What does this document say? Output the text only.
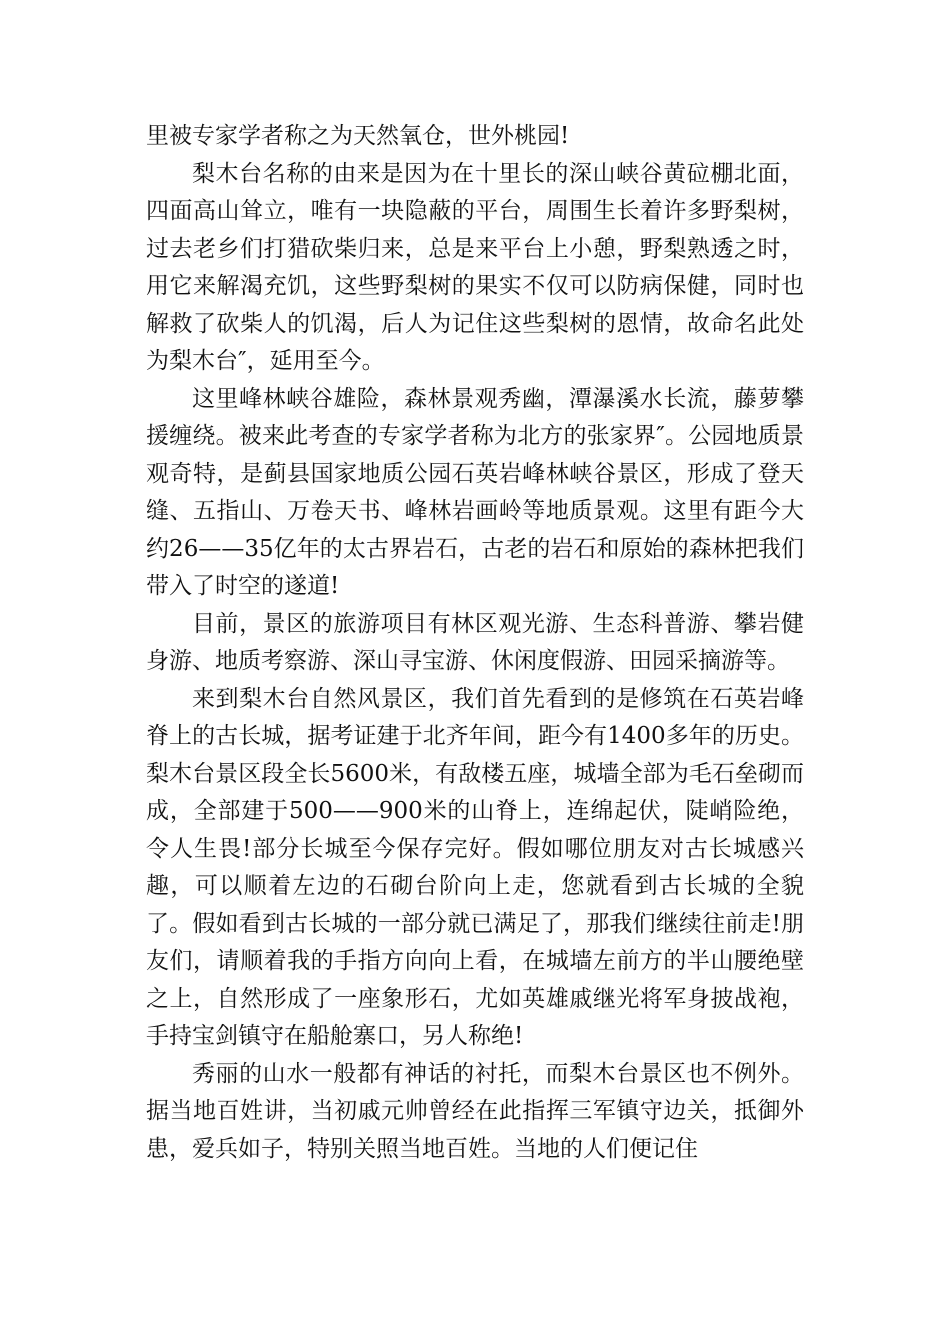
里被专家学者称之为天然氧仓，世外桃园!

梨木台名称的由来是因为在十里长的深山峡谷黄砬棚北面，四面高山耸立，唯有一块隐蔽的平台，周围生长着许多野梨树，过去老乡们打猎砍柴归来，总是来平台上小憩，野梨熟透之时，用它来解渴充饥，这些野梨树的果实不仅可以防病保健，同时也解救了砍柴人的饥渴，后人为记住这些梨树的恩情，故命名此处为梨木台″，延用至今。

这里峰林峡谷雄险，森林景观秀幽，潭瀑溪水长流，藤萝攀援缠绕。被来此考查的专家学者称为北方的张家界″。公园地质景观奇特，是蓟县国家地质公园石英岩峰林峡谷景区，形成了登天缝、五指山、万卷天书、峰林岩画岭等地质景观。这里有距今大约26——35亿年的太古界岩石，古老的岩石和原始的森林把我们带入了时空的遂道!

目前，景区的旅游项目有林区观光游、生态科普游、攀岩健身游、地质考察游、深山寻宝游、休闲度假游、田园采摘游等。

来到梨木台自然风景区，我们首先看到的是修筑在石英岩峰脊上的古长城，据考证建于北齐年间，距今有1400多年的历史。梨木台景区段全长5600米，有敌楼五座，城墙全部为毛石垒砌而成，全部建于500——900米的山脊上，连绵起伏，陡峭险绝，令人生畏!部分长城至今保存完好。假如哪位朋友对古长城感兴趣，可以顺着左边的石砌台阶向上走，您就看到古长城的全貌了。假如看到古长城的一部分就已满足了，那我们继续往前走!朋友们，请顺着我的手指方向向上看，在城墙左前方的半山腰绝壁之上，自然形成了一座象形石，尤如英雄戚继光将军身披战袍，手持宝剑镇守在船舱寨口，另人称绝!

秀丽的山水一般都有神话的衬托，而梨木台景区也不例外。据当地百姓讲，当初戚元帅曾经在此指挥三军镇守边关，抵御外患，爱兵如子，特别关照当地百姓。当地的人们便记住
